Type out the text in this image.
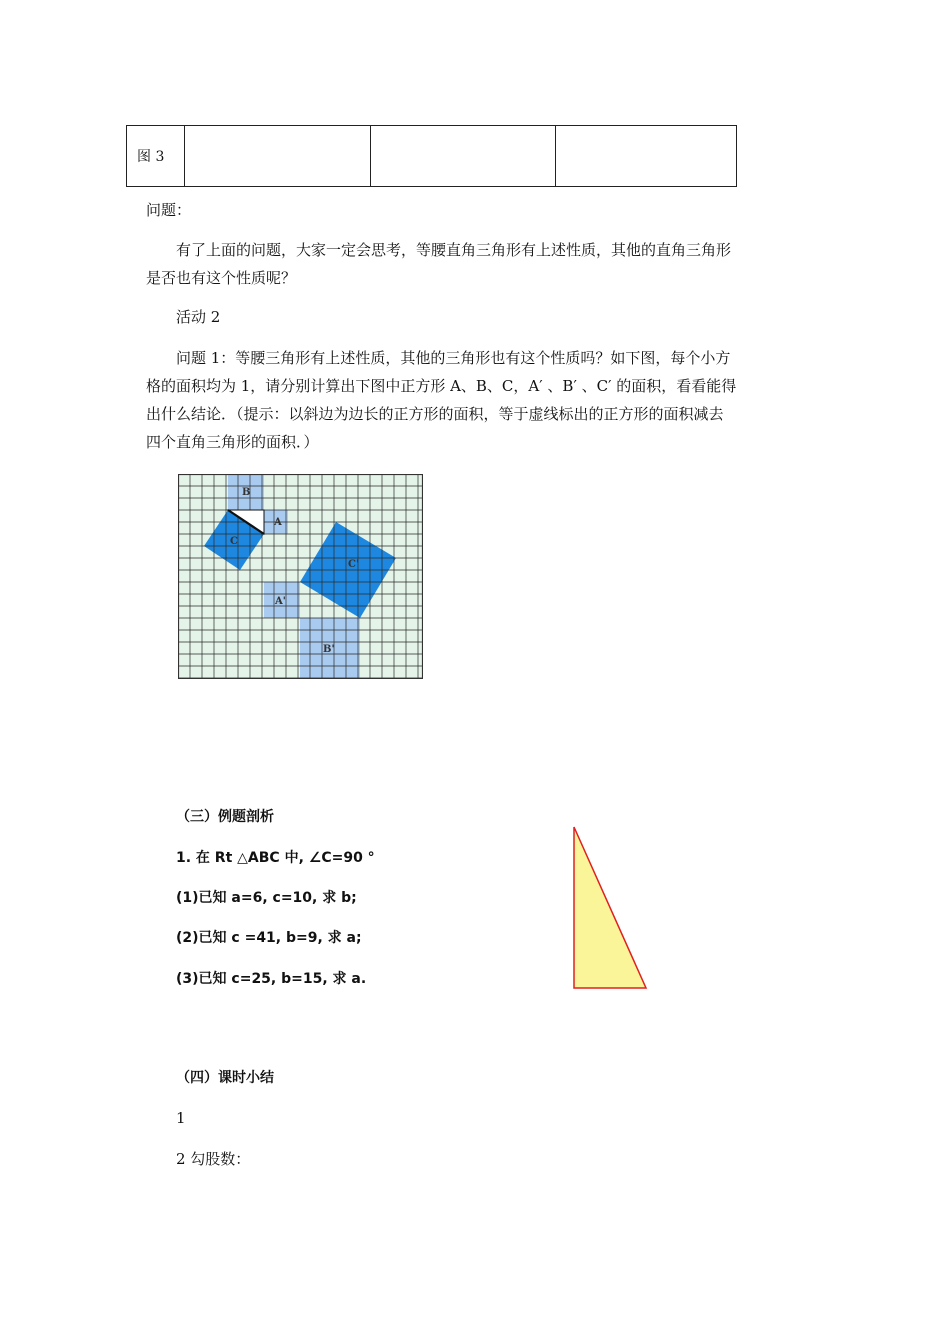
图 3			
问题：
有了上面的问题，大家一定会思考，等腰直角三角形有上述性质，其他的直角三角形
是否也有这个性质呢？
活动 2
问题 1：等腰三角形有上述性质，其他的三角形也有这个性质吗？如下图，每个小方
格的面积均为 1，请分别计算出下图中正方形 A、B、C，A′ 、B′ 、C′ 的面积，看看能得
出什么结论．（提示：以斜边为边长的正方形的面积，等于虚线标出的正方形的面积减去
四个直角三角形的面积．）
B
A
C
C'
A'
B'
（三）例题剖析
1. 在 Rt △ABC 中, ∠C=90 °
(1)已知 a=6, c=10, 求 b;
(2)已知 c =41, b=9, 求 a;
(3)已知 c=25, b=15, 求 a.
（四）课时小结
1
2 勾股数：
